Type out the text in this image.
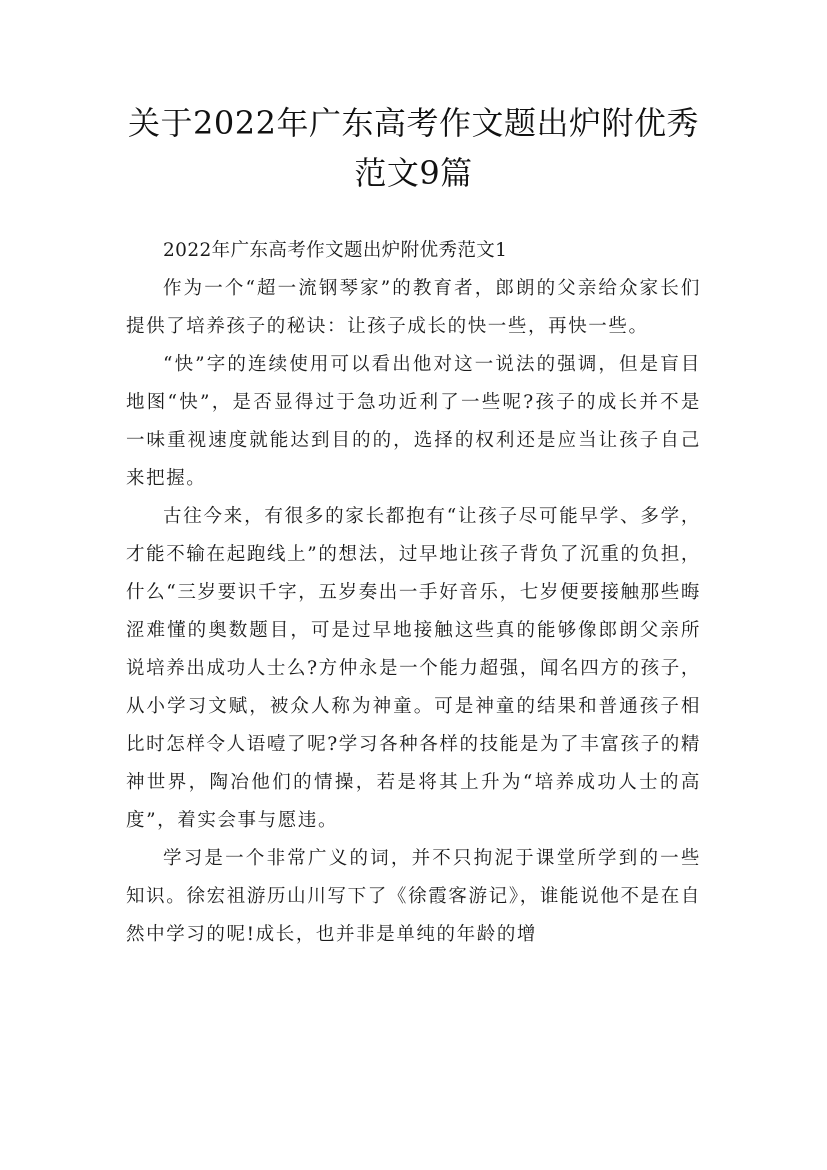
关于2022年广东高考作文题出炉附优秀范文9篇

2022年广东高考作文题出炉附优秀范文1

作为一个“超一流钢琴家”的教育者，郎朗的父亲给众家长们提供了培养孩子的秘诀：让孩子成长的快一些，再快一些。

“快”字的连续使用可以看出他对这一说法的强调，但是盲目地图“快”，是否显得过于急功近利了一些呢?孩子的成长并不是一味重视速度就能达到目的的，选择的权利还是应当让孩子自己来把握。

古往今来，有很多的家长都抱有“让孩子尽可能早学、多学，才能不输在起跑线上”的想法，过早地让孩子背负了沉重的负担，什么“三岁要识千字，五岁奏出一手好音乐，七岁便要接触那些晦涩难懂的奥数题目，可是过早地接触这些真的能够像郎朗父亲所说培养出成功人士么?方仲永是一个能力超强，闻名四方的孩子，从小学习文赋，被众人称为神童。可是神童的结果和普通孩子相比时怎样令人语噎了呢?学习各种各样的技能是为了丰富孩子的精神世界，陶冶他们的情操，若是将其上升为“培养成功人士的高度”，着实会事与愿违。

学习是一个非常广义的词，并不只拘泥于课堂所学到的一些知识。徐宏祖游历山川写下了《徐霞客游记》，谁能说他不是在自然中学习的呢!成长，也并非是单纯的年龄的增
